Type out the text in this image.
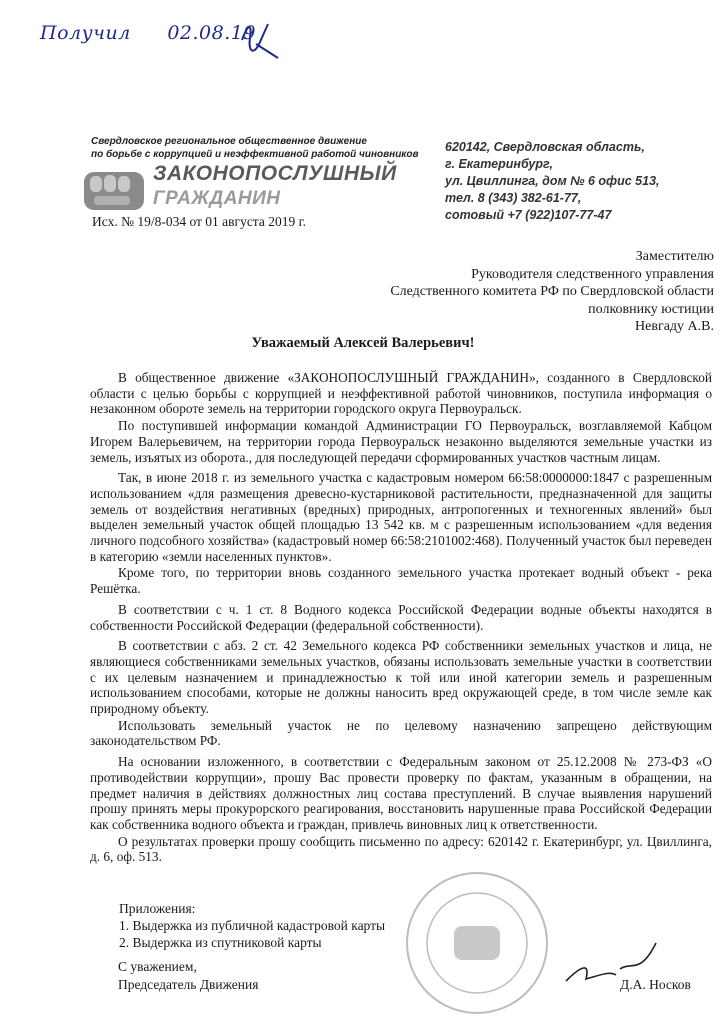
Получил 02.08.19
Свердловское региональное общественное движение
по борьбе с коррупцией и неэффективной работой чиновников
ЗАКОНОПОСЛУШНЫЙ
ГРАЖДАНИН
Исх. № 19/8-034 от 01 августа 2019 г.
620142, Свердловская область,
г. Екатеринбург,
ул. Цвиллинга, дом № 6 офис 513,
тел. 8 (343) 382-61-77,
сотовый +7 (922)107-77-47
Заместителю
Руководителя следственного управления
Следственного комитета РФ по Свердловской области
полковнику юстиции
Невгаду А.В.
Уважаемый Алексей Валерьевич!

В общественное движение «ЗАКОНОПОСЛУШНЫЙ ГРАЖДАНИН», созданного в Свердловской области с целью борьбы с коррупцией и неэффективной работой чиновников, поступила информация о незаконном обороте земель на территории городского округа Первоуральск.

По поступившей информации командой Администрации ГО Первоуральск, возглавляемой Кабцом Игорем Валерьевичем, на территории города Первоуральск незаконно выделяются земельные участки из земель, изъятых из оборота., для последующей передачи сформированных участков частным лицам.

Так, в июне 2018 г. из земельного участка с кадастровым номером 66:58:0000000:1847 с разрешенным использованием «для размещения древесно-кустарниковой растительности, предназначенной для защиты земель от воздействия негативных (вредных) природных, антропогенных и техногенных явлений» был выделен земельный участок общей площадью 13 542 кв. м с разрешенным использованием «для ведения личного подсобного хозяйства» (кадастровый номер 66:58:2101002:468). Полученный участок был переведен в категорию «земли населенных пунктов».

Кроме того, по территории вновь созданного земельного участка протекает водный объект - река Решётка.

В соответствии с ч. 1 ст. 8 Водного кодекса Российской Федерации водные объекты находятся в собственности Российской Федерации (федеральной собственности).

В соответствии с абз. 2 ст. 42 Земельного кодекса РФ собственники земельных участков и лица, не являющиеся собственниками земельных участков, обязаны использовать земельные участки в соответствии с их целевым назначением и принадлежностью к той или иной категории земель и разрешенным использованием способами, которые не должны наносить вред окружающей среде, в том числе земле как природному объекту.

Использовать земельный участок не по целевому назначению запрещено действующим законодательством РФ.

На основании изложенного, в соответствии с Федеральным законом от 25.12.2008 № 273-ФЗ «О противодействии коррупции», прошу Вас провести проверку по фактам, указанным в обращении, на предмет наличия в действиях должностных лиц состава преступлений. В случае выявления нарушений прошу принять меры прокурорского реагирования, восстановить нарушенные права Российской Федерации как собственника водного объекта и граждан, привлечь виновных лиц к ответственности.

О результатах проверки прошу сообщить письменно по адресу: 620142 г. Екатеринбург, ул. Цвиллинга, д. 6, оф. 513.

Приложения:
1. Выдержка из публичной кадастровой карты
2. Выдержка из спутниковой карты
С уважением,
Председатель Движения	Д.А. Носков
